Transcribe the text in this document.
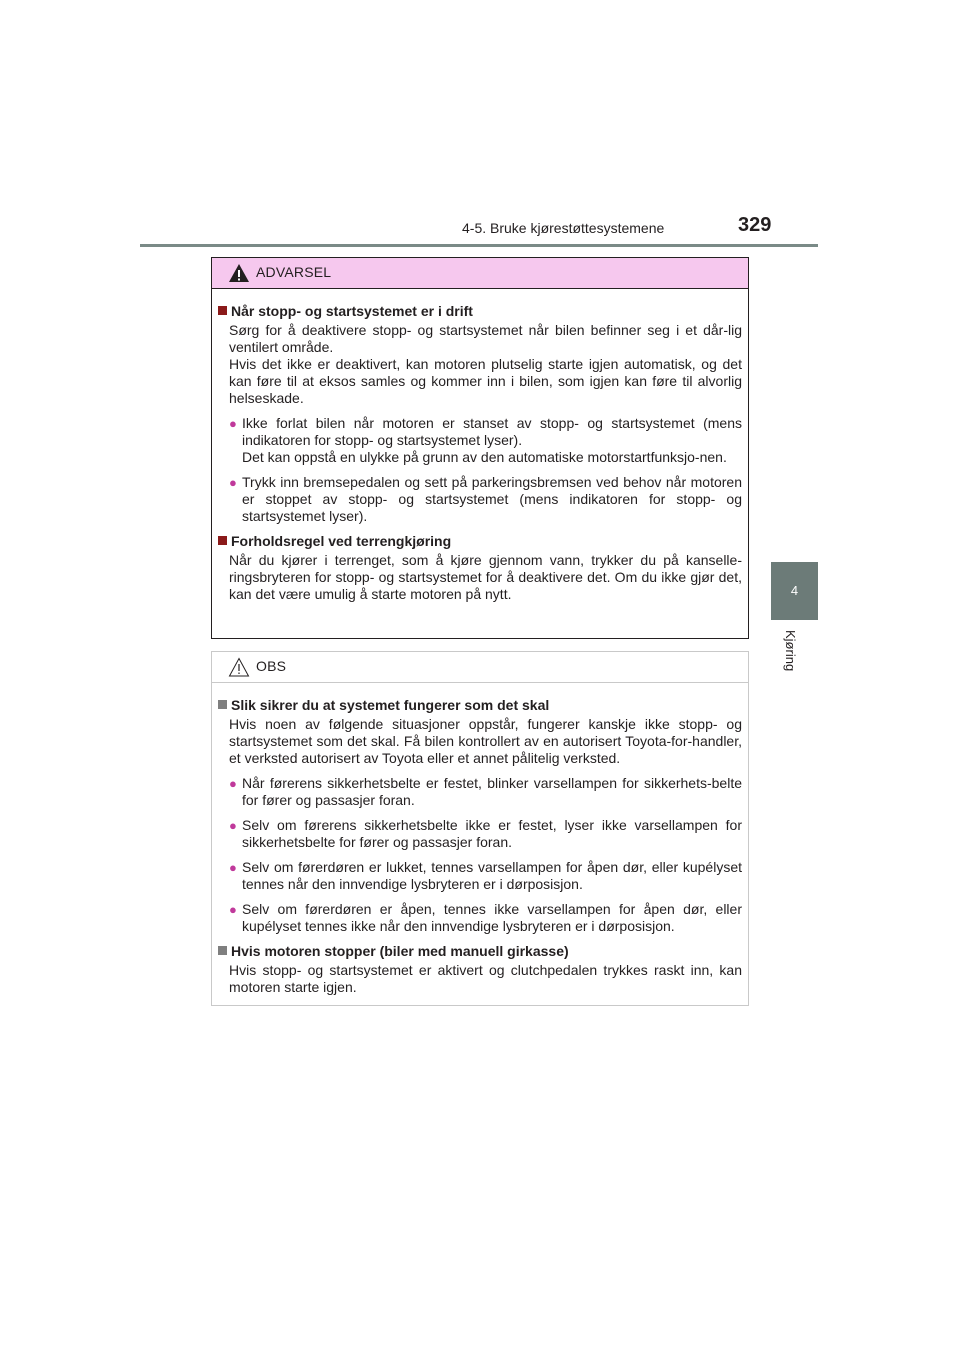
4-5. Bruke kjørestøttesystemene	329
4
Kjøring
ADVARSEL
Når stopp- og startsystemet er i drift
Sørg for å deaktivere stopp- og startsystemet når bilen befinner seg i et dår-lig ventilert område.
Hvis det ikke er deaktivert, kan motoren plutselig starte igjen automatisk, og det kan føre til at eksos samles og kommer inn i bilen, som igjen kan føre til alvorlig helseskade.
● Ikke forlat bilen når motoren er stanset av stopp- og startsystemet (mens indikatoren for stopp- og startsystemet lyser).
Det kan oppstå en ulykke på grunn av den automatiske motorstartfunksjo-nen.
● Trykk inn bremsepedalen og sett på parkeringsbremsen ved behov når motoren er stoppet av stopp- og startsystemet (mens indikatoren for stopp- og startsystemet lyser).
Forholdsregel ved terrengkjøring
Når du kjører i terrenget, som å kjøre gjennom vann, trykker du på kanselle-ringsbryteren for stopp- og startsystemet for å deaktivere det. Om du ikke gjør det, kan det være umulig å starte motoren på nytt.
OBS
Slik sikrer du at systemet fungerer som det skal
Hvis noen av følgende situasjoner oppstår, fungerer kanskje ikke stopp- og startsystemet som det skal. Få bilen kontrollert av en autorisert Toyota-for-handler, et verksted autorisert av Toyota eller et annet pålitelig verksted.
● Når førerens sikkerhetsbelte er festet, blinker varsellampen for sikkerhets-belte for fører og passasjer foran.
● Selv om førerens sikkerhetsbelte ikke er festet, lyser ikke varsellampen for sikkerhetsbelte for fører og passasjer foran.
● Selv om førerdøren er lukket, tennes varsellampen for åpen dør, eller kupélyset tennes når den innvendige lysbryteren er i dørposisjon.
● Selv om førerdøren er åpen, tennes ikke varsellampen for åpen dør, eller kupélyset tennes ikke når den innvendige lysbryteren er i dørposisjon.
Hvis motoren stopper (biler med manuell girkasse)
Hvis stopp- og startsystemet er aktivert og clutchpedalen trykkes raskt inn, kan motoren starte igjen.
